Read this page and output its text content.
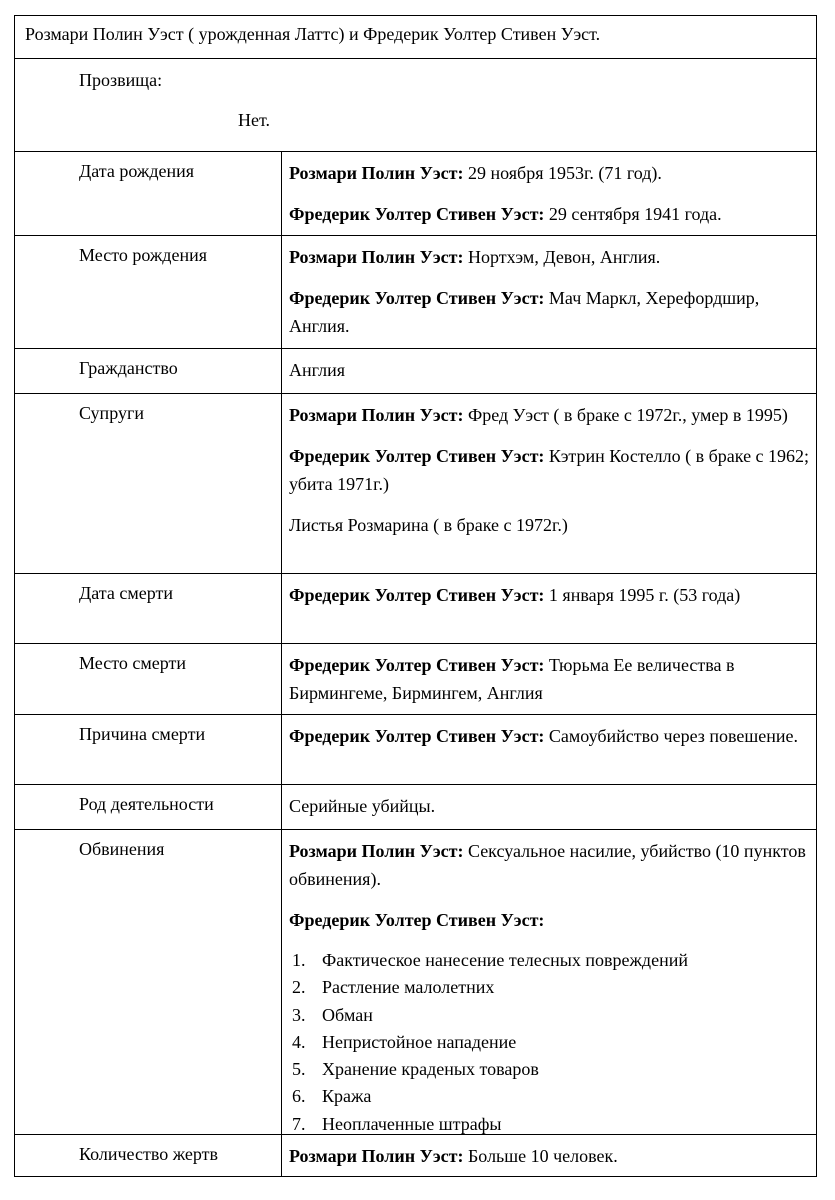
Розмари Полин Уэст ( урожденная Латтс) и Фредерик Уолтер Стивен Уэст.
Прозвища:
Нет.
Дата рождения	Розмари Полин Уэст: 29 ноября 1953г. (71 год).

Фредерик Уолтер Стивен Уэст: 29 сентября 1941 года.

Место рождения	Розмари Полин Уэст: Нортхэм, Девон, Англия.

Фредерик Уолтер Стивен Уэст: Мач Маркл, Херефордшир, Англия.

Гражданство	Англия

Супруги	Розмари Полин Уэст: Фред Уэст ( в браке с 1972г., умер в 1995)

Фредерик Уолтер Стивен Уэст: Кэтрин Костелло ( в браке с 1962; убита 1971г.)

Листья Розмарина ( в браке с 1972г.)

Дата смерти	Фредерик Уолтер Стивен Уэст: 1 января 1995 г. (53 года)

Место смерти	Фредерик Уолтер Стивен Уэст: Тюрьма Ее величества в Бирмингеме, Бирмингем, Англия

Причина смерти	Фредерик Уолтер Стивен Уэст: Самоубийство через повешение.

Род деятельности	Серийные убийцы.

Обвинения	Розмари Полин Уэст: Сексуальное насилие, убийство (10 пунктов обвинения).

Фредерик Уолтер Стивен Уэст:

1. Фактическое нанесение телесных повреждений
2. Растление малолетних
3. Обман
4. Непристойное нападение
5. Хранение краденых товаров
6. Кража
7. Неоплаченные штрафы
Количество жертв	Розмари Полин Уэст: Больше 10 человек.
